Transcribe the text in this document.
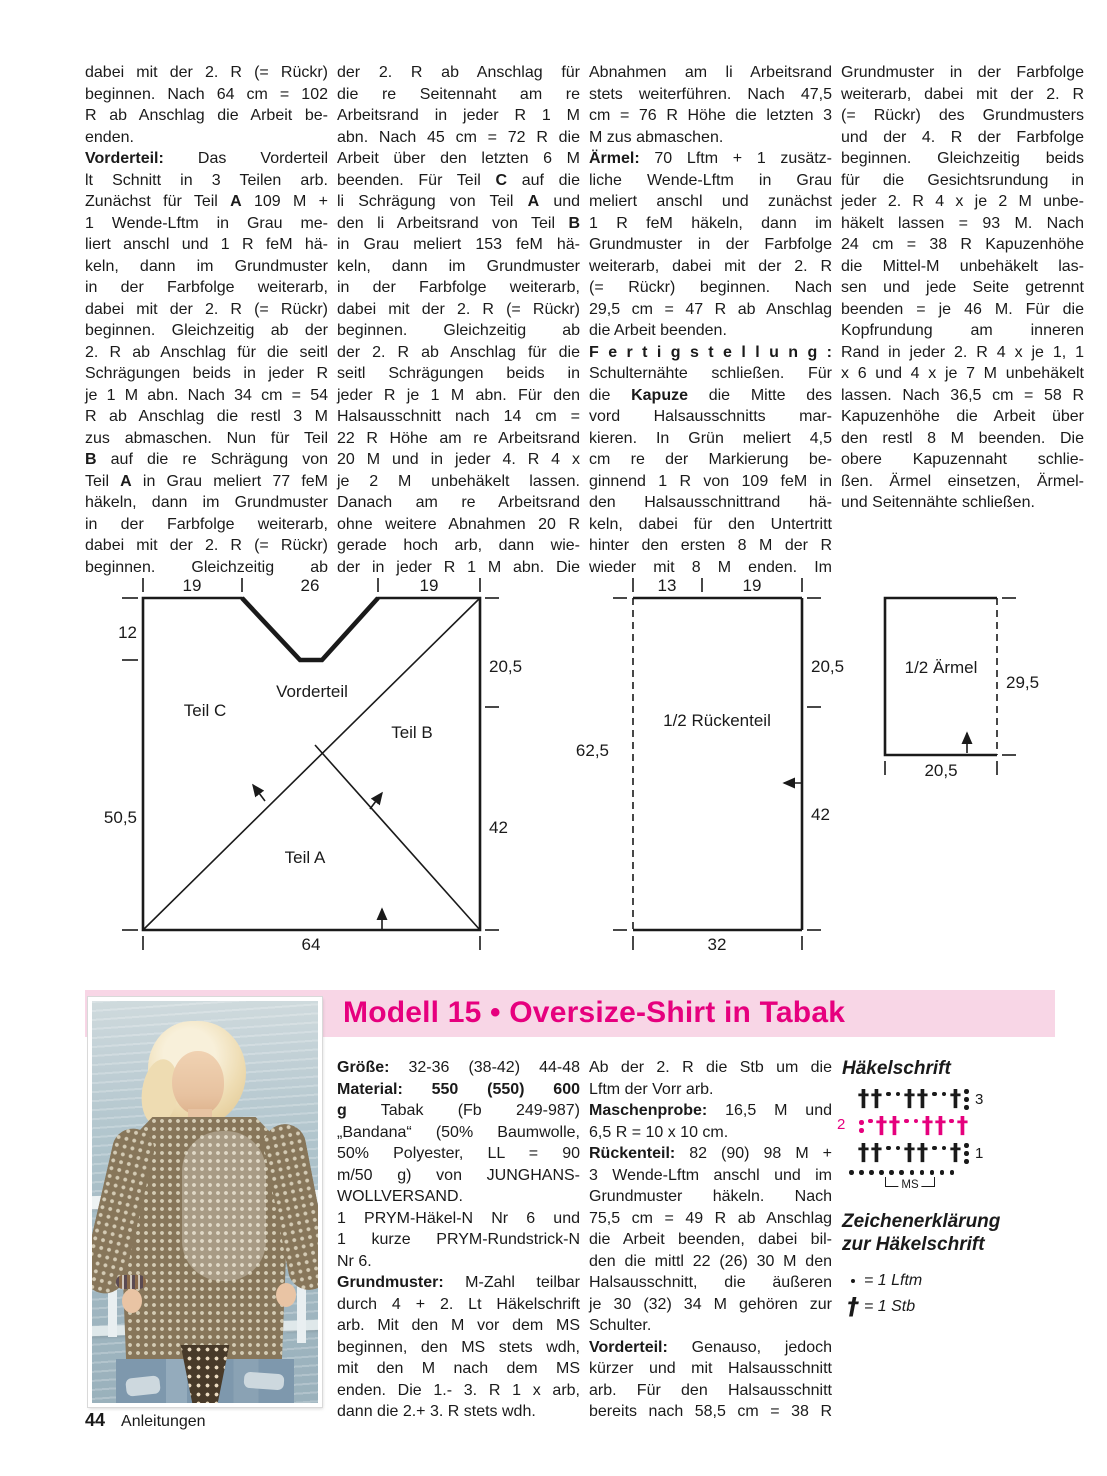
dabei mit der 2. R (= Rückr)
beginnen. Nach 64 cm = 102
R ab Anschlag die Arbeit be-
enden.
Vorderteil: Das Vorderteil
lt Schnitt in 3 Teilen arb.
Zunächst für Teil A 109 M +
1 Wende-Lftm in Grau me-
liert anschl und 1 R feM hä-
keln, dann im Grundmuster
in der Farbfolge weiterarb,
dabei mit der 2. R (= Rückr)
beginnen. Gleichzeitig ab der
2. R ab Anschlag für die seitl
Schrägungen beids in jeder R
je 1 M abn. Nach 34 cm = 54
R ab Anschlag die restl 3 M
zus abmaschen. Nun für Teil
B auf die re Schrägung von
Teil A in Grau meliert 77 feM
häkeln, dann im Grundmuster
in der Farbfolge weiterarb,
dabei mit der 2. R (= Rückr)
beginnen. Gleichzeitig ab
der 2. R ab Anschlag für
die re Seitennaht am re
Arbeitsrand in jeder R 1 M
abn. Nach 45 cm = 72 R die
Arbeit über den letzten 6 M
beenden. Für Teil C auf die
li Schrägung von Teil A und
den li Arbeitsrand von Teil B
in Grau meliert 153 feM hä-
keln, dann im Grundmuster
in der Farbfolge weiterarb,
dabei mit der 2. R (= Rückr)
beginnen. Gleichzeitig ab
der 2. R ab Anschlag für die
seitl Schrägungen beids in
jeder R je 1 M abn. Für den
Halsausschnitt nach 14 cm =
22 R Höhe am re Arbeitsrand
20 M und in jeder 4. R 4 x
je 2 M unbehäkelt lassen.
Danach am re Arbeitsrand
ohne weitere Abnahmen 20 R
gerade hoch arb, dann wie-
der in jeder R 1 M abn. Die
Abnahmen am li Arbeitsrand
stets weiterführen. Nach 47,5
cm = 76 R Höhe die letzten 3
M zus abmaschen.
Ärmel: 70 Lftm + 1 zusätz-
liche Wende-Lftm in Grau
meliert anschl und zunächst
1 R feM häkeln, dann im
Grundmuster in der Farbfolge
weiterarb, dabei mit der 2. R
(= Rückr) beginnen. Nach
29,5 cm = 47 R ab Anschlag
die Arbeit beenden.
F e r t i g s t e l l u n g :
Schulternähte schließen. Für
die Kapuze die Mitte des
vord Halsausschnitts mar-
kieren. In Grün meliert 4,5
cm re der Markierung be-
ginnend 1 R von 109 feM in
den Halsausschnittrand hä-
keln, dabei für den Untertritt
hinter den ersten 8 M der R
wieder mit 8 M enden. Im
Grundmuster in der Farbfolge
weiterarb, dabei mit der 2. R
(= Rückr) des Grundmusters
und der 4. R der Farbfolge
beginnen. Gleichzeitig beids
für die Gesichtsrundung in
jeder 2. R 4 x je 2 M unbe-
häkelt lassen = 93 M. Nach
24 cm = 38 R Kapuzenhöhe
die Mittel-M unbehäkelt las-
sen und jede Seite getrennt
beenden = je 46 M. Für die
Kopfrundung am inneren
Rand in jeder 2. R 4 x je 1, 1
x 6 und 4 x je 7 M unbehäkelt
lassen. Nach 36,5 cm = 58 R
Kapuzenhöhe die Arbeit über
den restl 8 M beenden. Die
obere Kapuzennaht schlie-
ßen. Ärmel einsetzen, Ärmel-
und Seitennähte schließen.
19	26	19
12
50,5
20,5
42
64
Teil C
Vorderteil
Teil B
Teil A
13	19
62,5
20,5
42
32
1/2 Rückenteil
29,5
20,5
1/2 Ärmel
Modell 15 • Oversize-Shirt in Tabak
Größe: 32-36 (38-42) 44-48
Material: 550 (550) 600
g Tabak (Fb 249-987)
„Bandana“ (50% Baumwolle,
50% Polyester, LL = 90
m/50 g) von JUNGHANS-
WOLLVERSAND.
1 PRYM-Häkel-N Nr 6 und
1 kurze PRYM-Rundstrick-N
Nr 6.
Grundmuster: M-Zahl teilbar
durch 4 + 2. Lt Häkelschrift
arb. Mit den M vor dem MS
beginnen, den MS stets wdh,
mit den M nach dem MS
enden. Die 1.- 3. R 1 x arb,
dann die 2.+ 3. R stets wdh.
Ab der 2. R die Stb um die
Lftm der Vorr arb.
Maschenprobe: 16,5 M und
6,5 R = 10 x 10 cm.
Rückenteil: 82 (90) 98 M +
3 Wende-Lftm anschl und im
Grundmuster häkeln. Nach
75,5 cm = 49 R ab Anschlag
die Arbeit beenden, dabei bil-
den die mittl 22 (26) 30 M den
Halsausschnitt, die äußeren
je 30 (32) 34 M gehören zur
Schulter.
Vorderteil: Genauso, jedoch
kürzer und mit Halsausschnitt
arb. Für den Halsausschnitt
bereits nach 58,5 cm = 38 R
Häkelschrift
† † † † † 3
2 † † † † †
† † † † † 1
MS
Zeichenerklärung
zur Häkelschrift
= 1 Lftm
† = 1 Stb
44 Anleitungen
